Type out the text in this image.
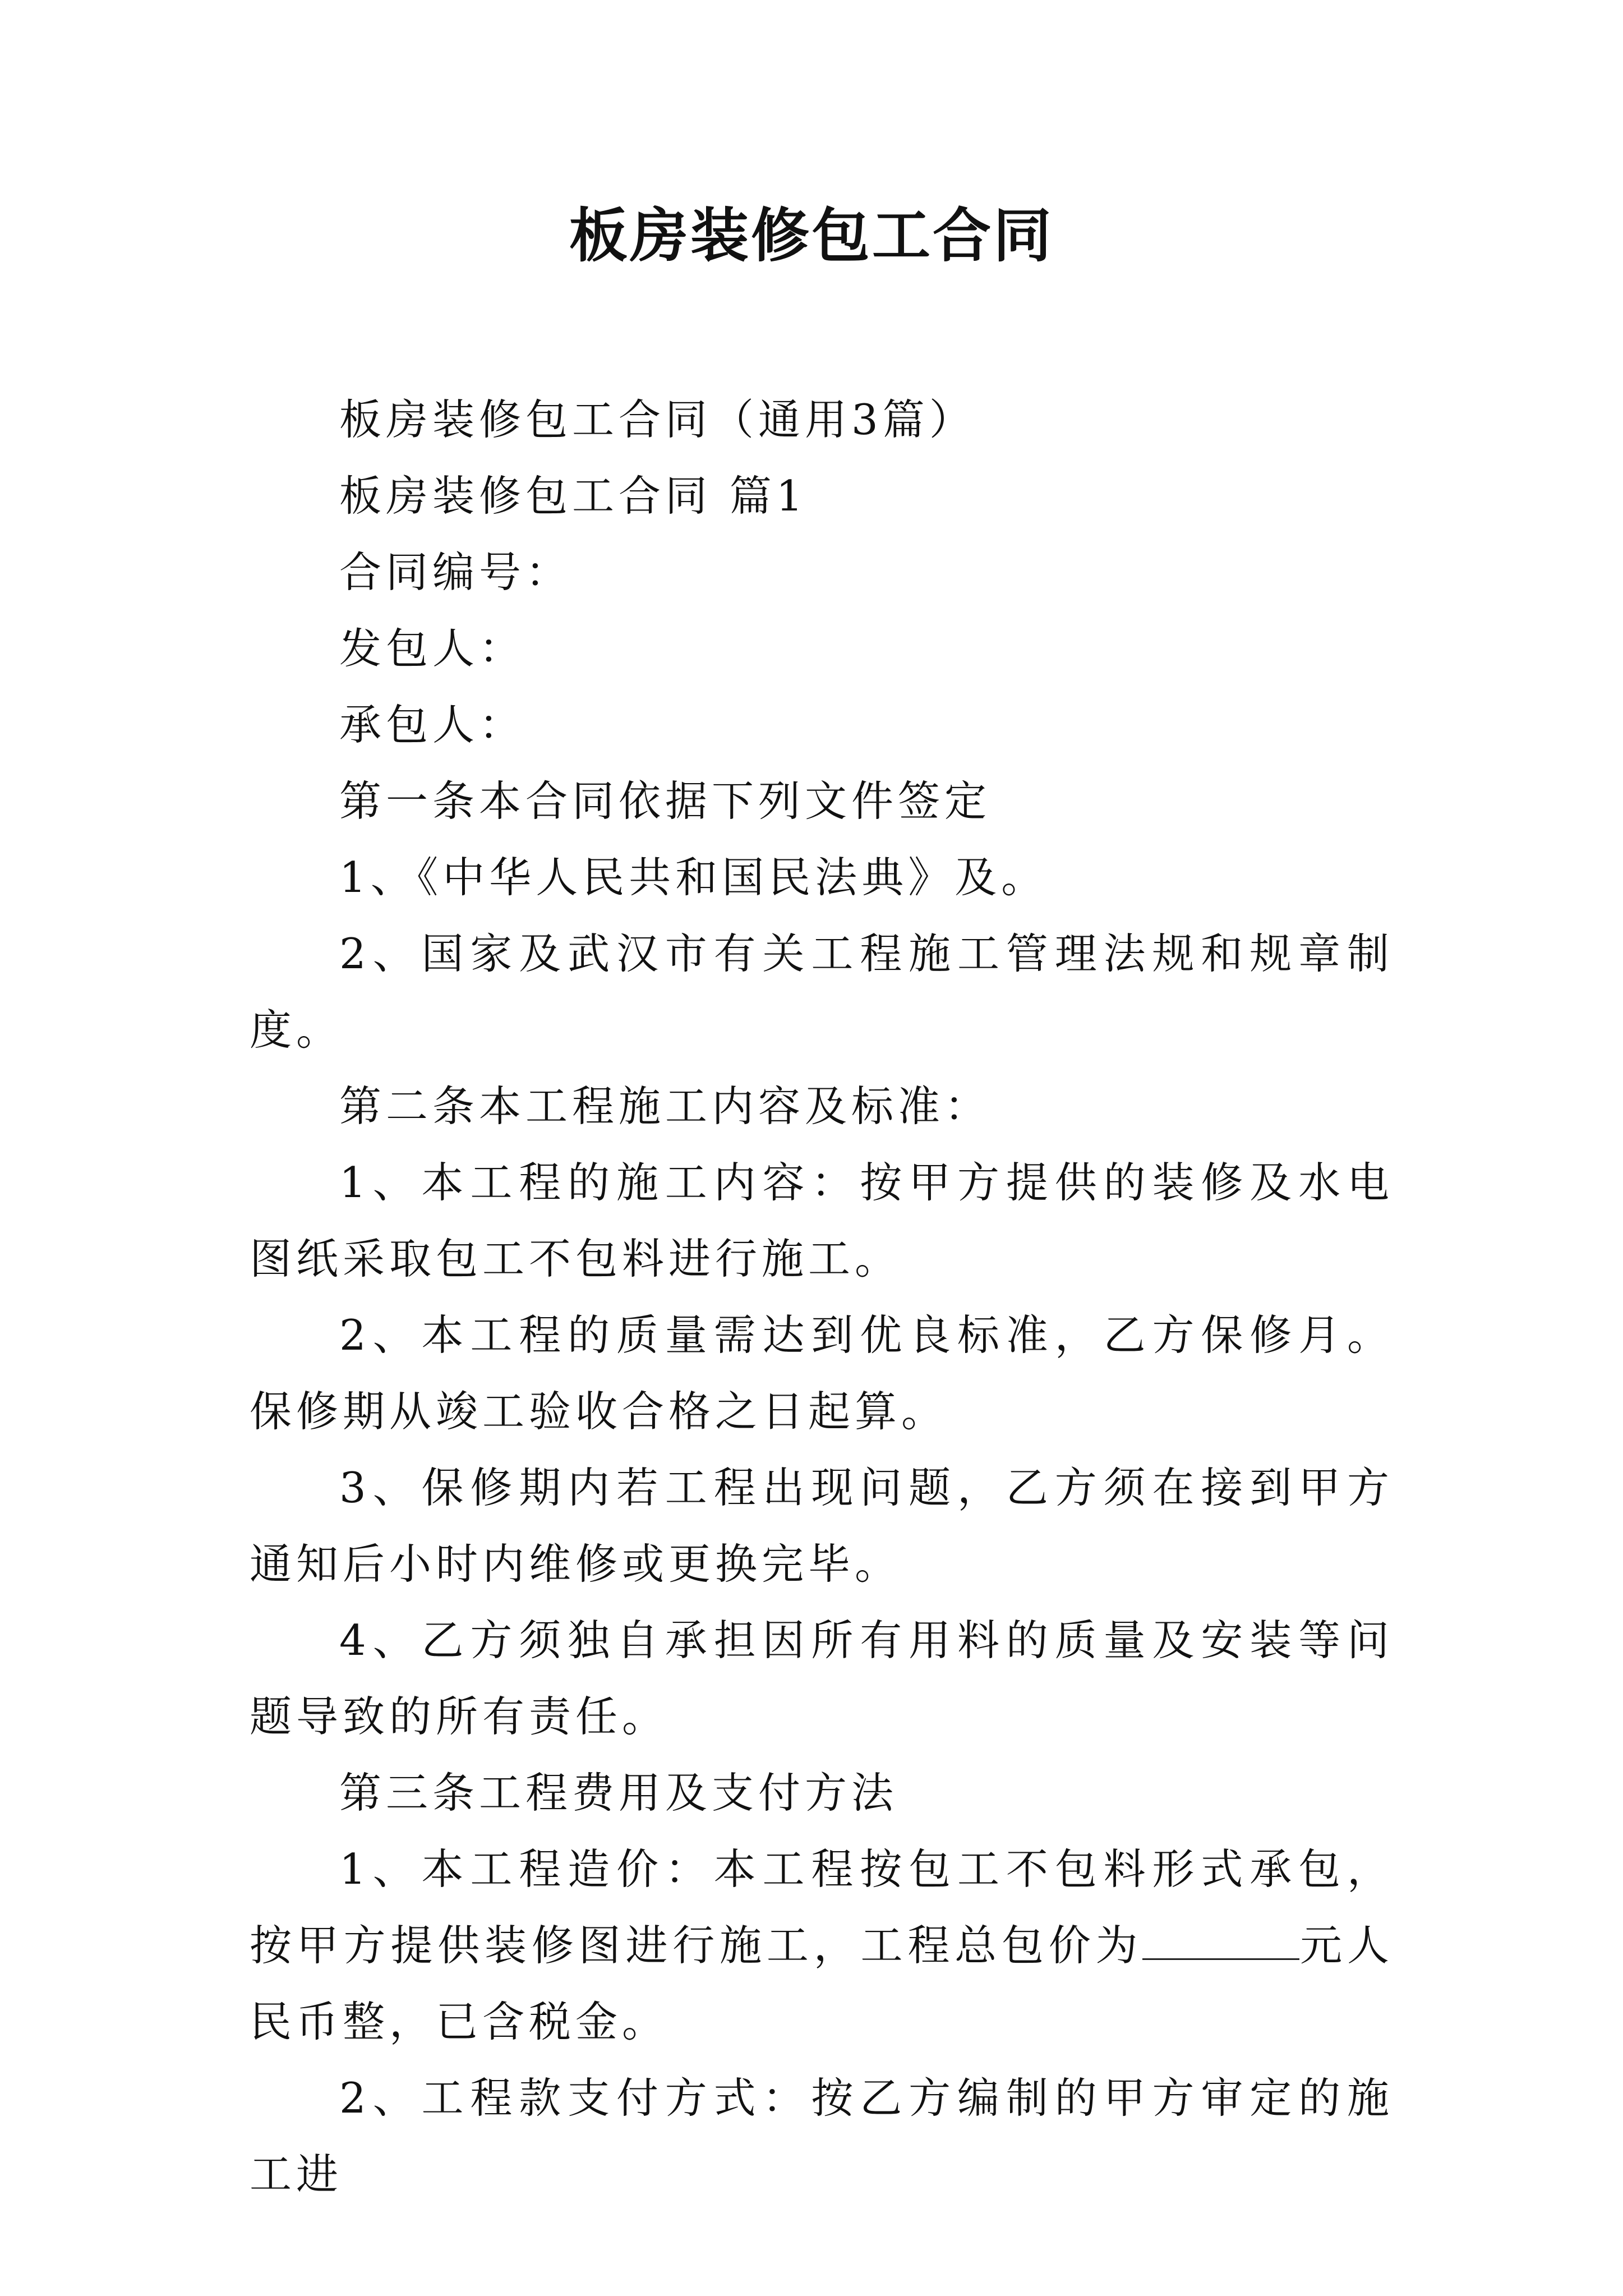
板房装修包工合同

板房装修包工合同（通用3篇）

板房装修包工合同 篇1

合同编号：

发包人：

承包人：

第一条本合同依据下列文件签定

1、《中华人民共和国民法典》及。

2、国家及武汉市有关工程施工管理法规和规章制度。

第二条本工程施工内容及标准：

1、本工程的施工内容：按甲方提供的装修及水电图纸采取包工不包料进行施工。

2、本工程的质量需达到优良标准，乙方保修月。保修期从竣工验收合格之日起算。

3、保修期内若工程出现问题，乙方须在接到甲方通知后小时内维修或更换完毕。

4、乙方须独自承担因所有用料的质量及安装等问题导致的所有责任。

第三条工程费用及支付方法

1、本工程造价：本工程按包工不包料形式承包，按甲方提供装修图进行施工，工程总包价为	元人民币整，已含税金。

2、工程款支付方式：按乙方编制的甲方审定的施工进
